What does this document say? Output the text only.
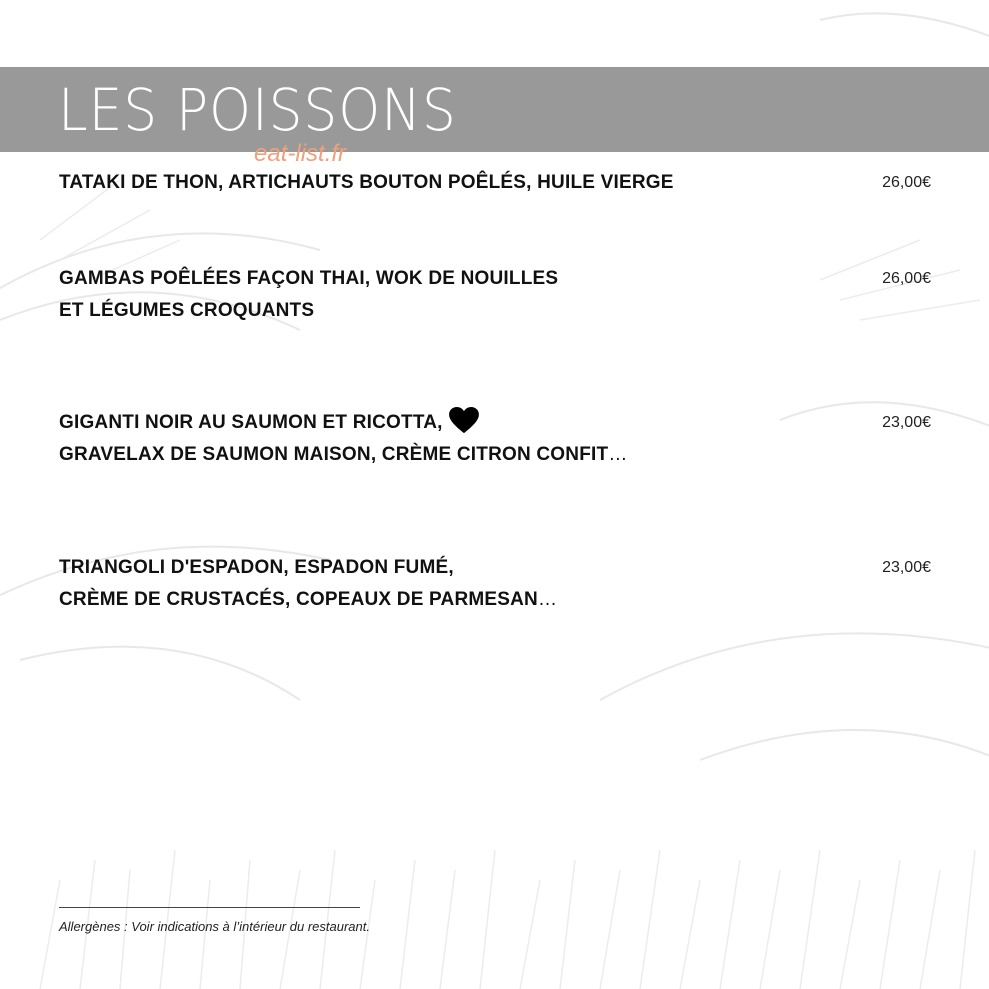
LES POISSONS
eat-list.fr
TATAKI DE THON, ARTICHAUTS BOUTON POÊLÉS, HUILE VIERGE	26,00€
GAMBAS POÊLÉES FAÇON THAI, WOK DE NOUILLES
ET LÉGUMES CROQUANTS
26,00€
GIGANTI NOIR AU SAUMON ET RICOTTA,
GRAVELAX DE SAUMON MAISON, CRÈME CITRON CONFIT…
23,00€
TRIANGOLI D'ESPADON, ESPADON FUMÉ,
CRÈME DE CRUSTACÉS, COPEAUX DE PARMESAN…
23,00€
Allergènes : Voir indications à l’intérieur du restaurant.
